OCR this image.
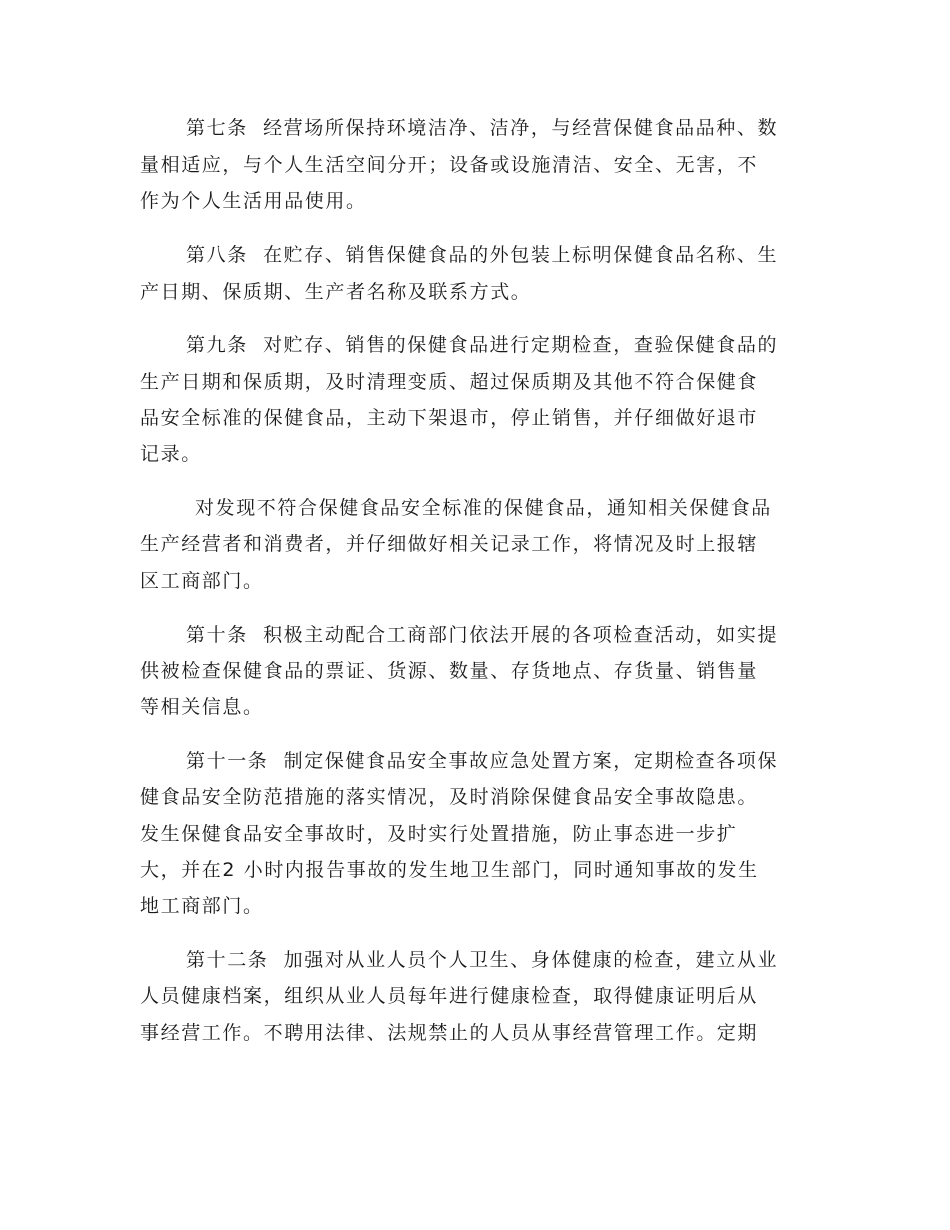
第七条  经营场所保持环境洁净、洁净，与经营保健食品品种、数
量相适应，与个人生活空间分开；设备或设施清洁、安全、无害，不
作为个人生活用品使用。
第八条  在贮存、销售保健食品的外包装上标明保健食品名称、生
产日期、保质期、生产者名称及联系方式。
第九条  对贮存、销售的保健食品进行定期检查，查验保健食品的
生产日期和保质期，及时清理变质、超过保质期及其他不符合保健食
品安全标准的保健食品，主动下架退市，停止销售，并仔细做好退市
记录。
对发现不符合保健食品安全标准的保健食品，通知相关保健食品
生产经营者和消费者，并仔细做好相关记录工作，将情况及时上报辖
区工商部门。
第十条  积极主动配合工商部门依法开展的各项检查活动，如实提
供被检查保健食品的票证、货源、数量、存货地点、存货量、销售量
等相关信息。
第十一条  制定保健食品安全事故应急处置方案，定期检查各项保
健食品安全防范措施的落实情况，及时消除保健食品安全事故隐患。
发生保健食品安全事故时，及时实行处置措施，防止事态进一步扩
大，并在2 小时内报告事故的发生地卫生部门，同时通知事故的发生
地工商部门。
第十二条  加强对从业人员个人卫生、身体健康的检查，建立从业
人员健康档案，组织从业人员每年进行健康检查，取得健康证明后从
事经营工作。不聘用法律、法规禁止的人员从事经营管理工作。定期
